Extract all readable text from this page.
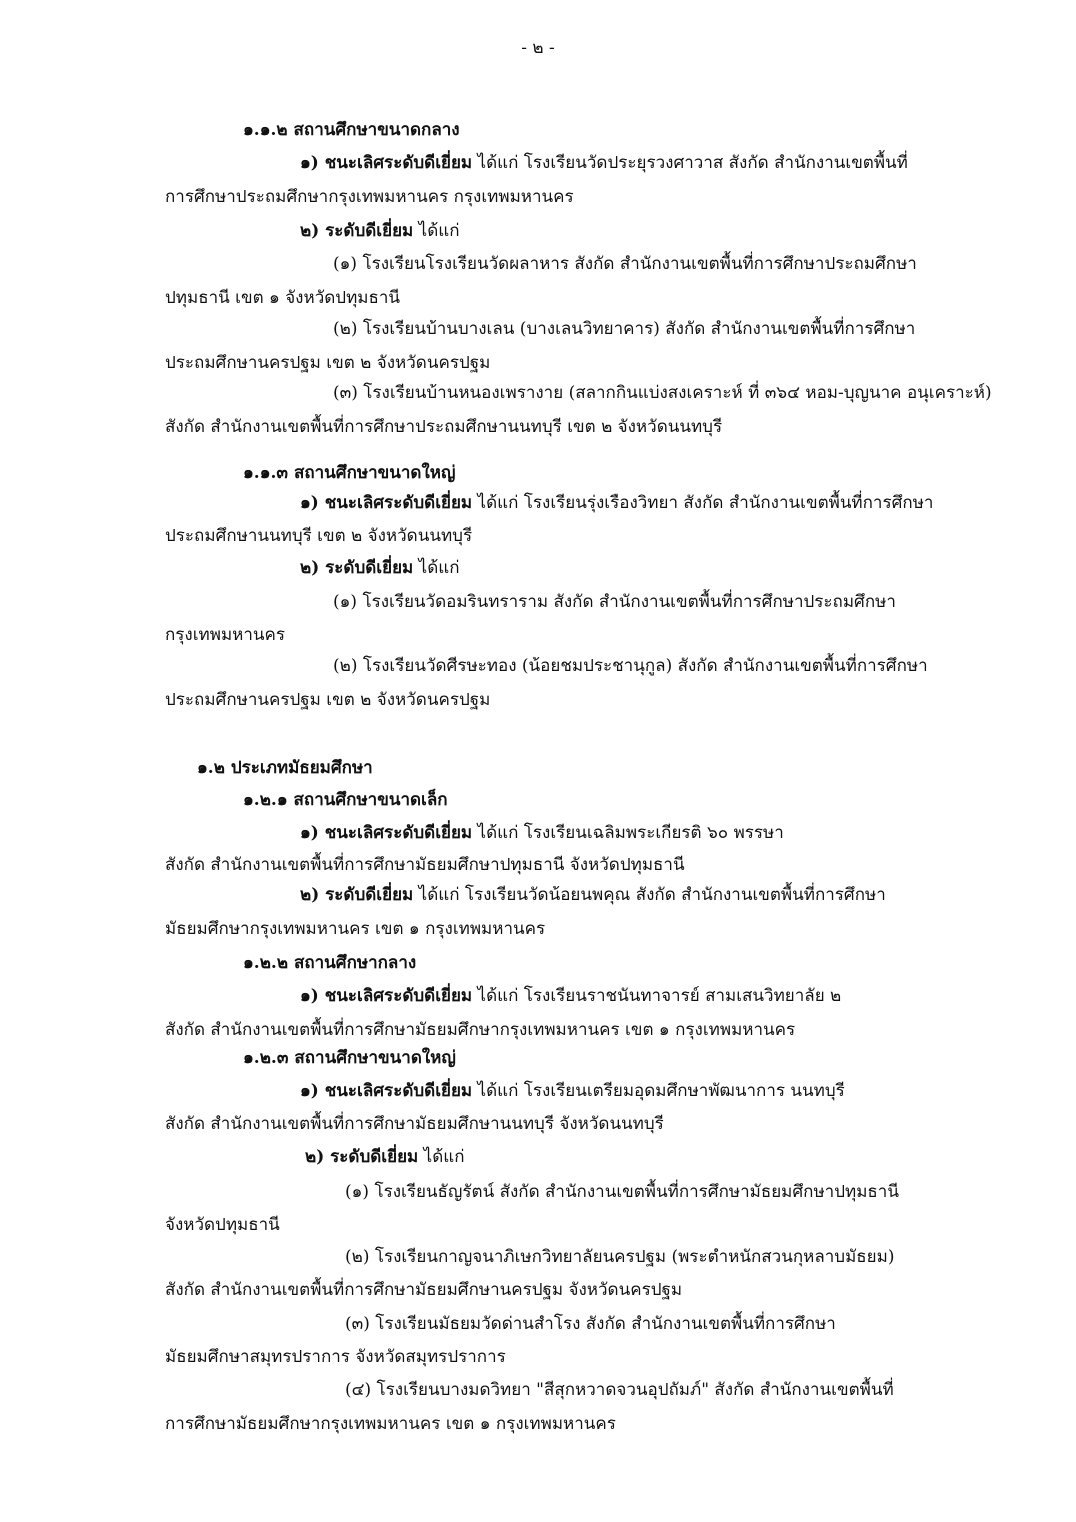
- ๒ -
๑.๑.๒ สถานศึกษาขนาดกลาง
๑) ชนะเลิศระดับดีเยี่ยม ได้แก่ โรงเรียนวัดประยุรวงศาวาส สังกัด สำนักงานเขตพื้นที่
การศึกษาประถมศึกษากรุงเทพมหานคร กรุงเทพมหานคร
๒) ระดับดีเยี่ยม ได้แก่
(๑) โรงเรียนโรงเรียนวัดผลาหาร สังกัด สำนักงานเขตพื้นที่การศึกษาประถมศึกษา
ปทุมธานี เขต ๑ จังหวัดปทุมธานี
(๒) โรงเรียนบ้านบางเลน (บางเลนวิทยาคาร) สังกัด สำนักงานเขตพื้นที่การศึกษา
ประถมศึกษานครปฐม เขต ๒ จังหวัดนครปฐม
(๓) โรงเรียนบ้านหนองเพรางาย (สลากกินแบ่งสงเคราะห์ ที่ ๓๖๔ หอม-บุญนาค อนุเคราะห์)
สังกัด สำนักงานเขตพื้นที่การศึกษาประถมศึกษานนทบุรี เขต ๒ จังหวัดนนทบุรี
๑.๑.๓ สถานศึกษาขนาดใหญ่
๑) ชนะเลิศระดับดีเยี่ยม ได้แก่ โรงเรียนรุ่งเรืองวิทยา สังกัด สำนักงานเขตพื้นที่การศึกษา
ประถมศึกษานนทบุรี เขต ๒ จังหวัดนนทบุรี
๒) ระดับดีเยี่ยม ได้แก่
(๑) โรงเรียนวัดอมรินทราราม สังกัด สำนักงานเขตพื้นที่การศึกษาประถมศึกษา
กรุงเทพมหานคร
(๒) โรงเรียนวัดศีรษะทอง (น้อยชมประชานุกูล) สังกัด สำนักงานเขตพื้นที่การศึกษา
ประถมศึกษานครปฐม เขต ๒ จังหวัดนครปฐม
๑.๒ ประเภทมัธยมศึกษา
๑.๒.๑ สถานศึกษาขนาดเล็ก
๑) ชนะเลิศระดับดีเยี่ยม ได้แก่ โรงเรียนเฉลิมพระเกียรติ ๖๐ พรรษา
สังกัด สำนักงานเขตพื้นที่การศึกษามัธยมศึกษาปทุมธานี จังหวัดปทุมธานี
๒) ระดับดีเยี่ยม ได้แก่ โรงเรียนวัดน้อยนพคุณ สังกัด สำนักงานเขตพื้นที่การศึกษา
มัธยมศึกษากรุงเทพมหานคร เขต ๑ กรุงเทพมหานคร
๑.๒.๒ สถานศึกษากลาง
๑) ชนะเลิศระดับดีเยี่ยม ได้แก่ โรงเรียนราชนันทาจารย์ สามเสนวิทยาลัย ๒
สังกัด สำนักงานเขตพื้นที่การศึกษามัธยมศึกษากรุงเทพมหานคร เขต ๑ กรุงเทพมหานคร
๑.๒.๓ สถานศึกษาขนาดใหญ่
๑) ชนะเลิศระดับดีเยี่ยม ได้แก่ โรงเรียนเตรียมอุดมศึกษาพัฒนาการ นนทบุรี
สังกัด สำนักงานเขตพื้นที่การศึกษามัธยมศึกษานนทบุรี จังหวัดนนทบุรี
๒) ระดับดีเยี่ยม ได้แก่
(๑) โรงเรียนธัญรัตน์ สังกัด สำนักงานเขตพื้นที่การศึกษามัธยมศึกษาปทุมธานี
จังหวัดปทุมธานี
(๒) โรงเรียนกาญจนาภิเษกวิทยาลัยนครปฐม (พระตำหนักสวนกุหลาบมัธยม)
สังกัด สำนักงานเขตพื้นที่การศึกษามัธยมศึกษานครปฐม จังหวัดนครปฐม
(๓) โรงเรียนมัธยมวัดด่านสำโรง สังกัด สำนักงานเขตพื้นที่การศึกษา
มัธยมศึกษาสมุทรปราการ จังหวัดสมุทรปราการ
(๔) โรงเรียนบางมดวิทยา "สีสุกหวาดจวนอุปถัมภ์" สังกัด สำนักงานเขตพื้นที่
การศึกษามัธยมศึกษากรุงเทพมหานคร เขต ๑ กรุงเทพมหานคร
